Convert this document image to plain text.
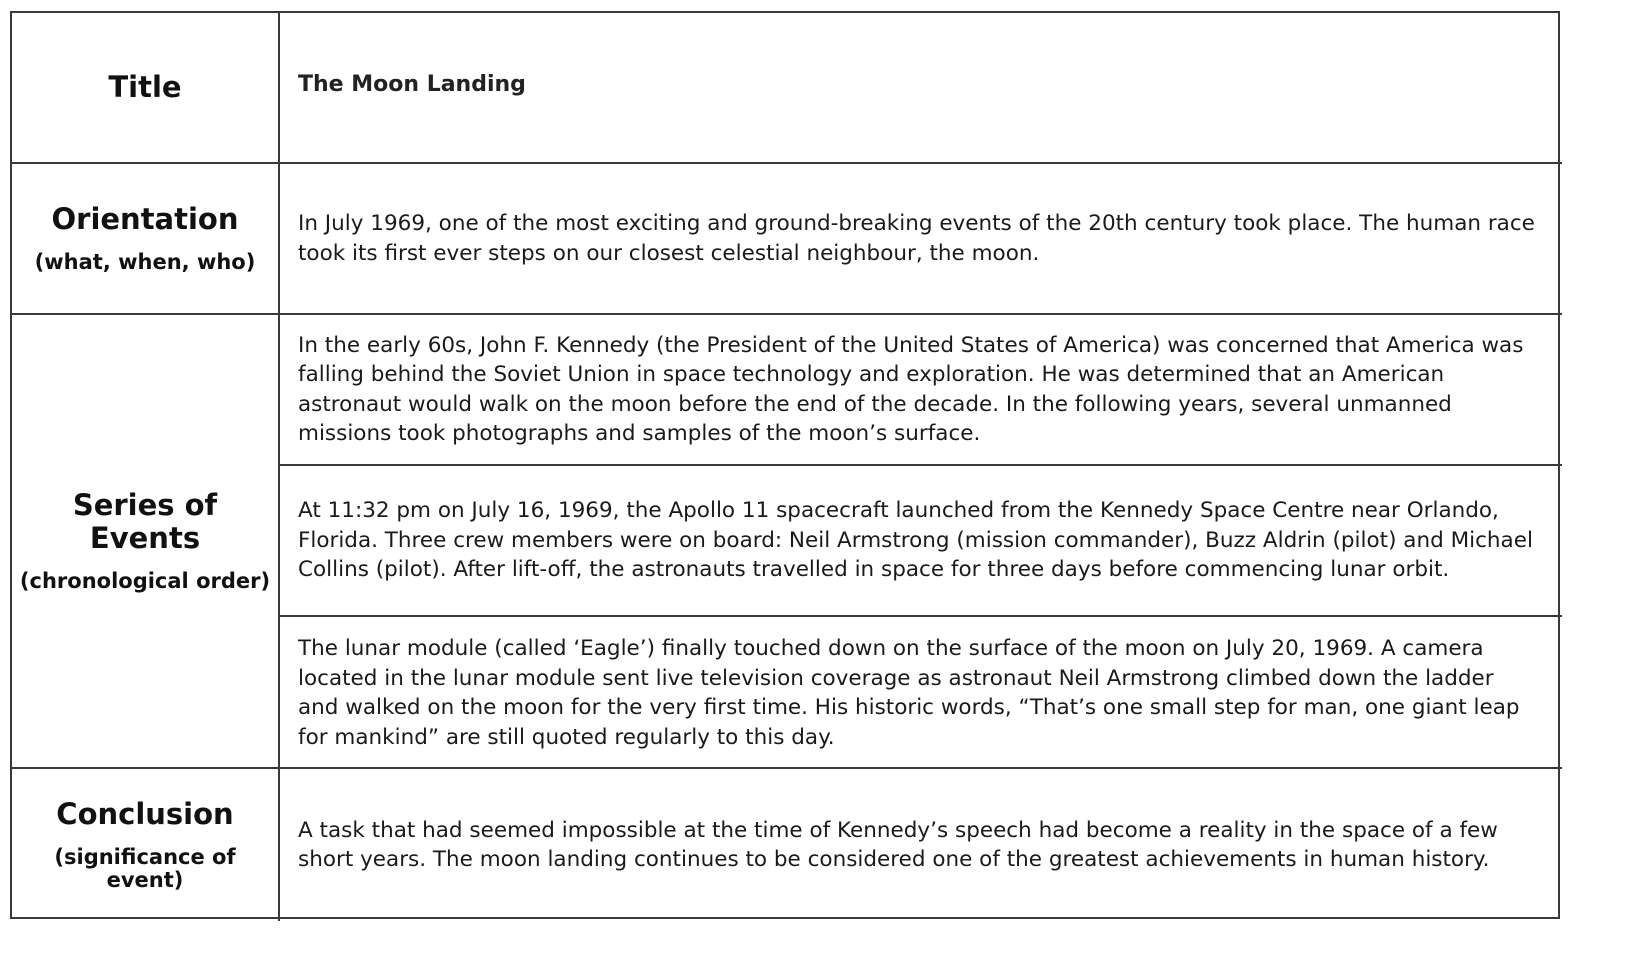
Title	The Moon Landing
Orientation
(what, when, who)
In July 1969, one of the most exciting and ground-breaking events of the 20th century took place. The human race took its first ever steps on our closest celestial neighbour, the moon.
Series of Events
(chronological order)
In the early 60s, John F. Kennedy (the President of the United States of America) was concerned that America was falling behind the Soviet Union in space technology and exploration. He was determined that an American astronaut would walk on the moon before the end of the decade. In the following years, several unmanned missions took photographs and samples of the moon’s surface.
At 11:32 pm on July 16, 1969, the Apollo 11 spacecraft launched from the Kennedy Space Centre near Orlando, Florida. Three crew members were on board: Neil Armstrong (mission commander), Buzz Aldrin (pilot) and Michael Collins (pilot). After lift-off, the astronauts travelled in space for three days before commencing lunar orbit.
The lunar module (called ‘Eagle’) finally touched down on the surface of the moon on July 20, 1969. A camera located in the lunar module sent live television coverage as astronaut Neil Armstrong climbed down the ladder and walked on the moon for the very first time. His historic words, “That’s one small step for man, one giant leap for mankind” are still quoted regularly to this day.
Conclusion
(significance of event)
A task that had seemed impossible at the time of Kennedy’s speech had become a reality in the space of a few short years. The moon landing continues to be considered one of the greatest achievements in human history.
